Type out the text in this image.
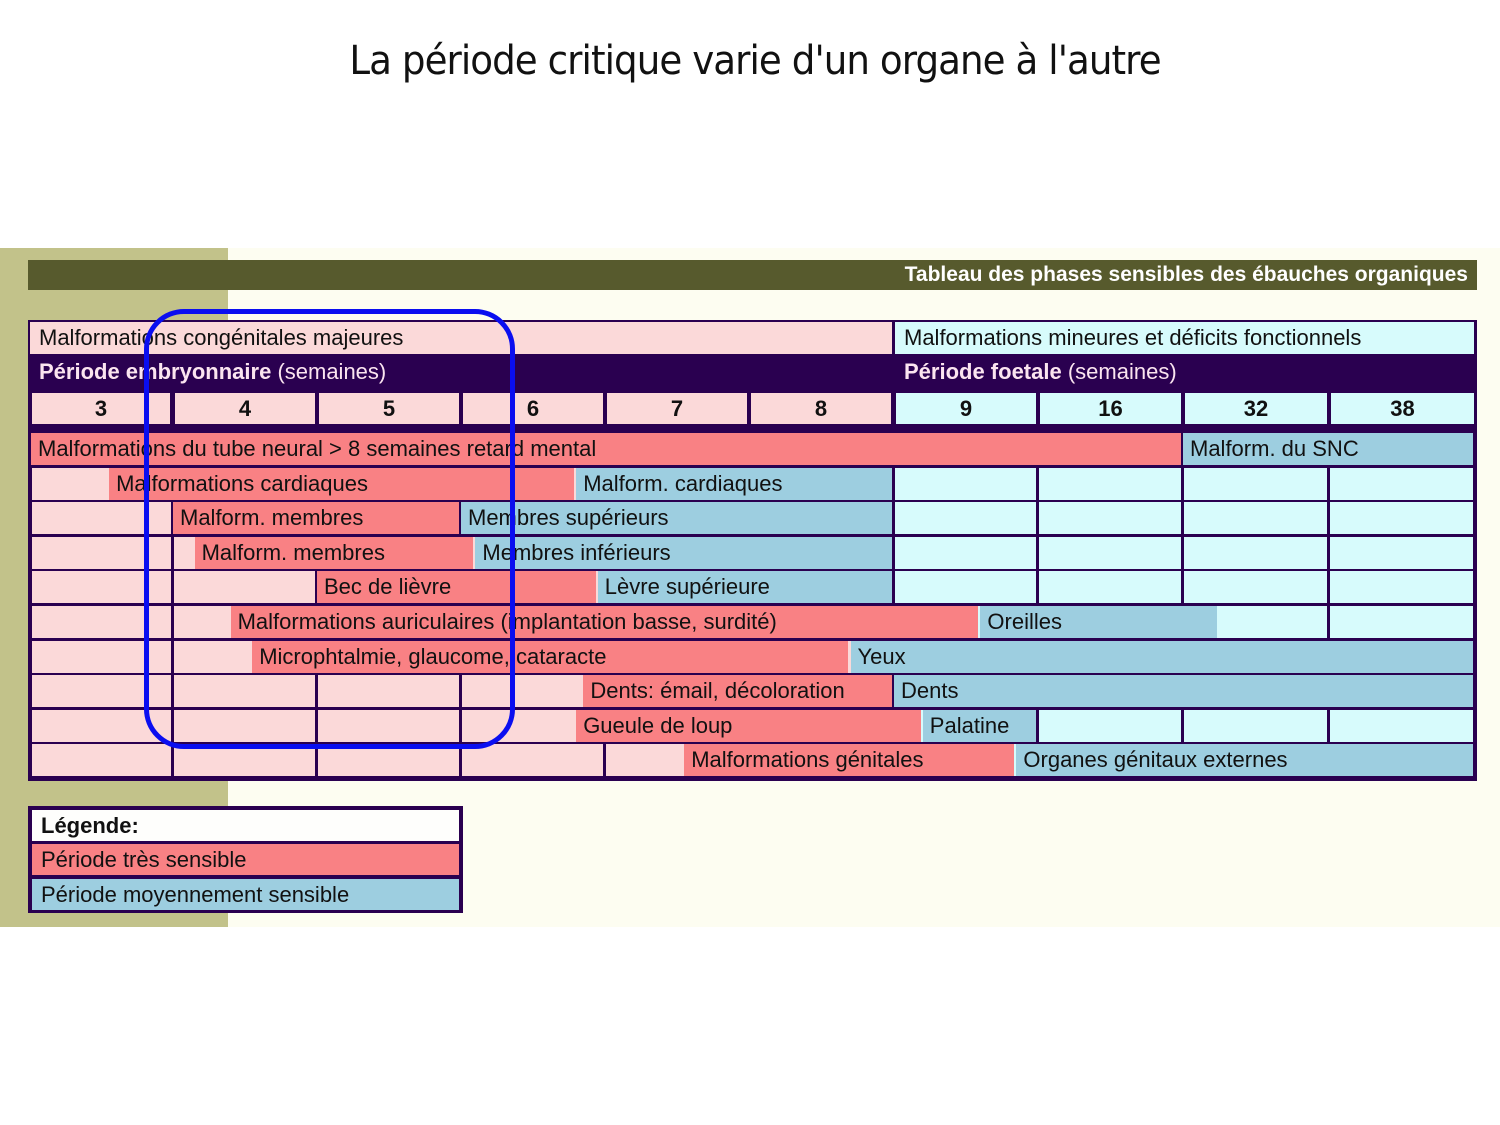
La période critique varie d'un organe à l'autre
Tableau des phases sensibles des ébauches organiques
Malformations congénitales majeures	Malformations mineures et déficits fonctionnels
Période embryonnaire (semaines)	Période foetale (semaines)
3	4	5	6	7	8	9	16	32	38
Malformations du tube neural > 8 semaines retard mental	Malform. du SNC
Malformations cardiaques	Malform. cardiaques
Malform. membres	Membres supérieurs
Malform. membres	Membres inférieurs
Bec de lièvre	Lèvre supérieure
Malformations auriculaires (implantation basse, surdité)	Oreilles
Microphtalmie, glaucome, cataracte	Yeux
Dents: émail, décoloration	Dents
Gueule de loup	Palatine
Malformations génitales	Organes génitaux externes
Légende:
Période très sensible
Période moyennement sensible
